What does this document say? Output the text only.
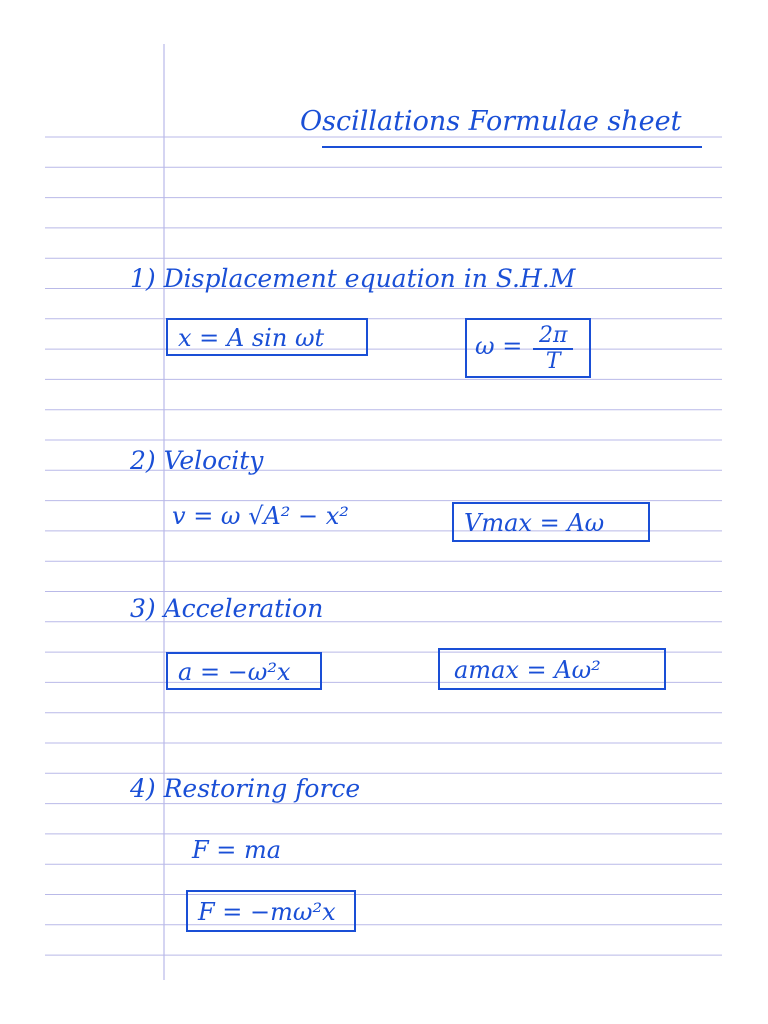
Oscillations Formulae sheet
1) Displacement equation in S.H.M
x = A sin ωt	$\omega = \frac{2\pi}{T}$
2) Velocity
v = ω √A² − x²	Vmax = Aω
3) Acceleration
a = −ω²x	amax = Aω²
4) Restoring force
F = ma
F = −mω²x
